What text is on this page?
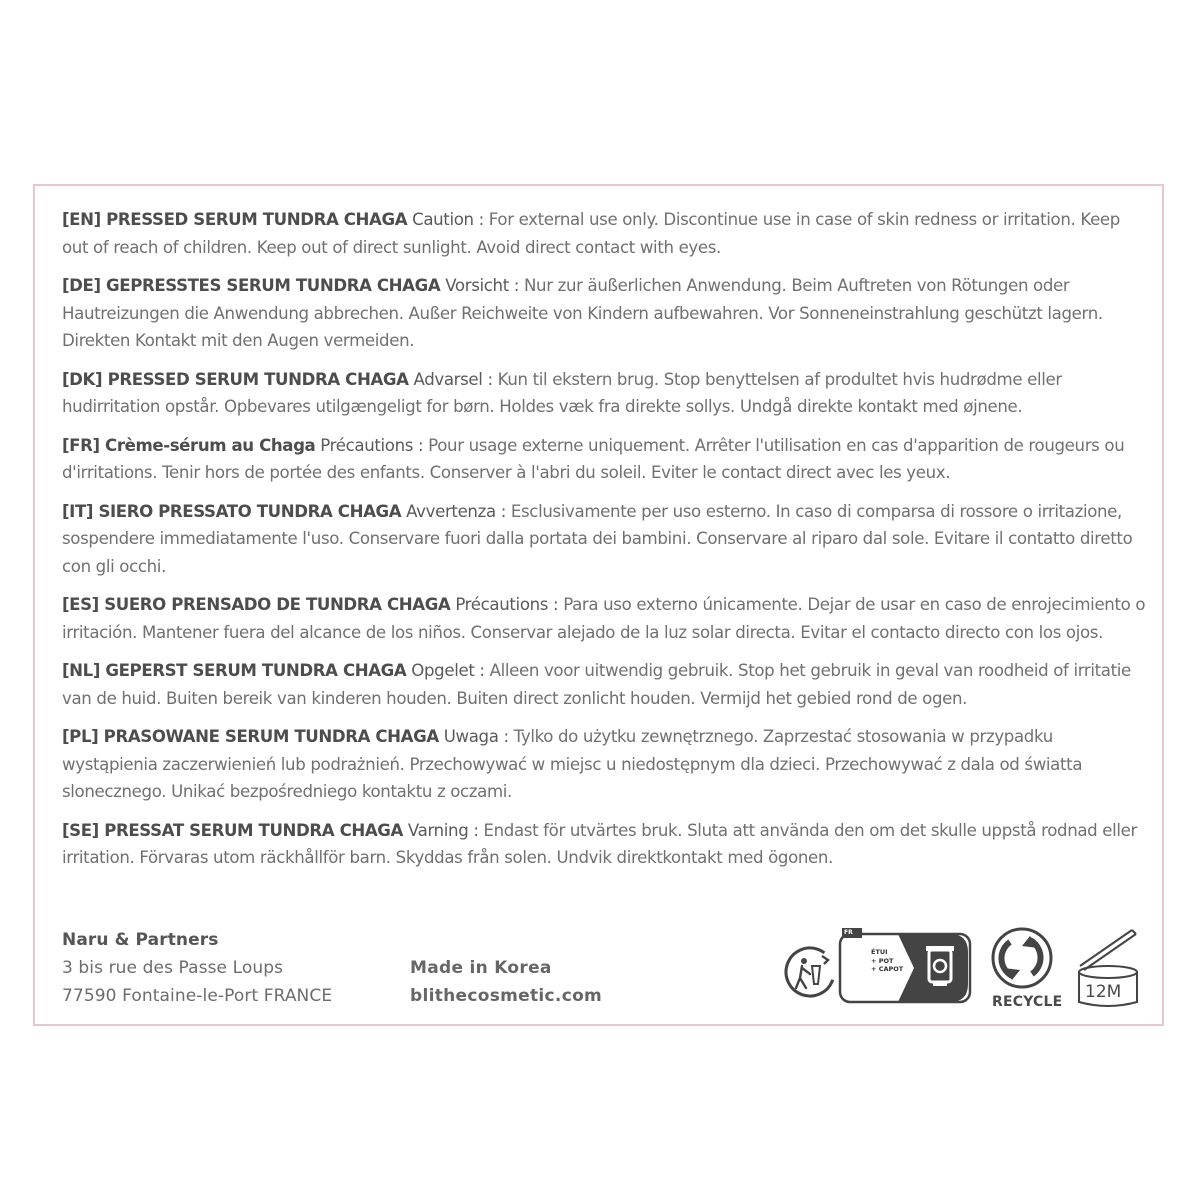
[EN] PRESSED SERUM TUNDRA CHAGA Caution : For external use only. Discontinue use in case of skin redness or irritation. Keep out of reach of children. Keep out of direct sunlight. Avoid direct contact with eyes.
[DE] GEPRESSTES SERUM TUNDRA CHAGA Vorsicht : Nur zur äußerlichen Anwendung. Beim Auftreten von Rötungen oder Hautreizungen die Anwendung abbrechen. Außer Reichweite von Kindern aufbewahren. Vor Sonneneinstrahlung geschützt lagern. Direkten Kontakt mit den Augen vermeiden.
[DK] PRESSED SERUM TUNDRA CHAGA Advarsel : Kun til ekstern brug. Stop benyttelsen af produltet hvis hudrødme eller hudirritation opstår. Opbevares utilgængeligt for børn. Holdes væk fra direkte sollys. Undgå direkte kontakt med øjnene.
[FR] Crème-sérum au Chaga Précautions : Pour usage externe uniquement. Arrêter l'utilisation en cas d'apparition de rougeurs ou d'irritations. Tenir hors de portée des enfants. Conserver à l'abri du soleil. Eviter le contact direct avec les yeux.
[IT] SIERO PRESSATO TUNDRA CHAGA Avvertenza : Esclusivamente per uso esterno. In caso di comparsa di rossore o irritazione, sospendere immediatamente l'uso. Conservare fuori dalla portata dei bambini. Conservare al riparo dal sole. Evitare il contatto diretto con gli occhi.
[ES] SUERO PRENSADO DE TUNDRA CHAGA Précautions : Para uso externo únicamente. Dejar de usar en caso de enrojecimiento o irritación. Mantener fuera del alcance de los niños. Conservar alejado de la luz solar directa. Evitar el contacto directo con los ojos.
[NL] GEPERST SERUM TUNDRA CHAGA Opgelet : Alleen voor uitwendig gebruik. Stop het gebruik in geval van roodheid of irritatie van de huid. Buiten bereik van kinderen houden. Buiten direct zonlicht houden. Vermijd het gebied rond de ogen.
[PL] PRASOWANE SERUM TUNDRA CHAGA Uwaga : Tylko do użytku zewnętrznego. Zaprzestać stosowania w przypadku wystąpienia zaczerwienień lub podrażnień. Przechowywać w miejsc u niedostępnym dla dzieci. Przechowywać z dala od światta slonecznego. Unikać bezpośredniego kontaktu z oczami.
[SE] PRESSAT SERUM TUNDRA CHAGA Varning : Endast för utvärtes bruk. Sluta att använda den om det skulle uppstå rodnad eller irritation. Förvaras utom räckhållför barn. Skyddas från solen. Undvik direktkontakt med ögonen.
Naru & Partners
3 bis rue des Passe Loups
77590 Fontaine-le-Port FRANCE
Made in Korea
blithecosmetic.com
FR
ÉTUI
+ POT
+ CAPOT
RECYCLE 12M
